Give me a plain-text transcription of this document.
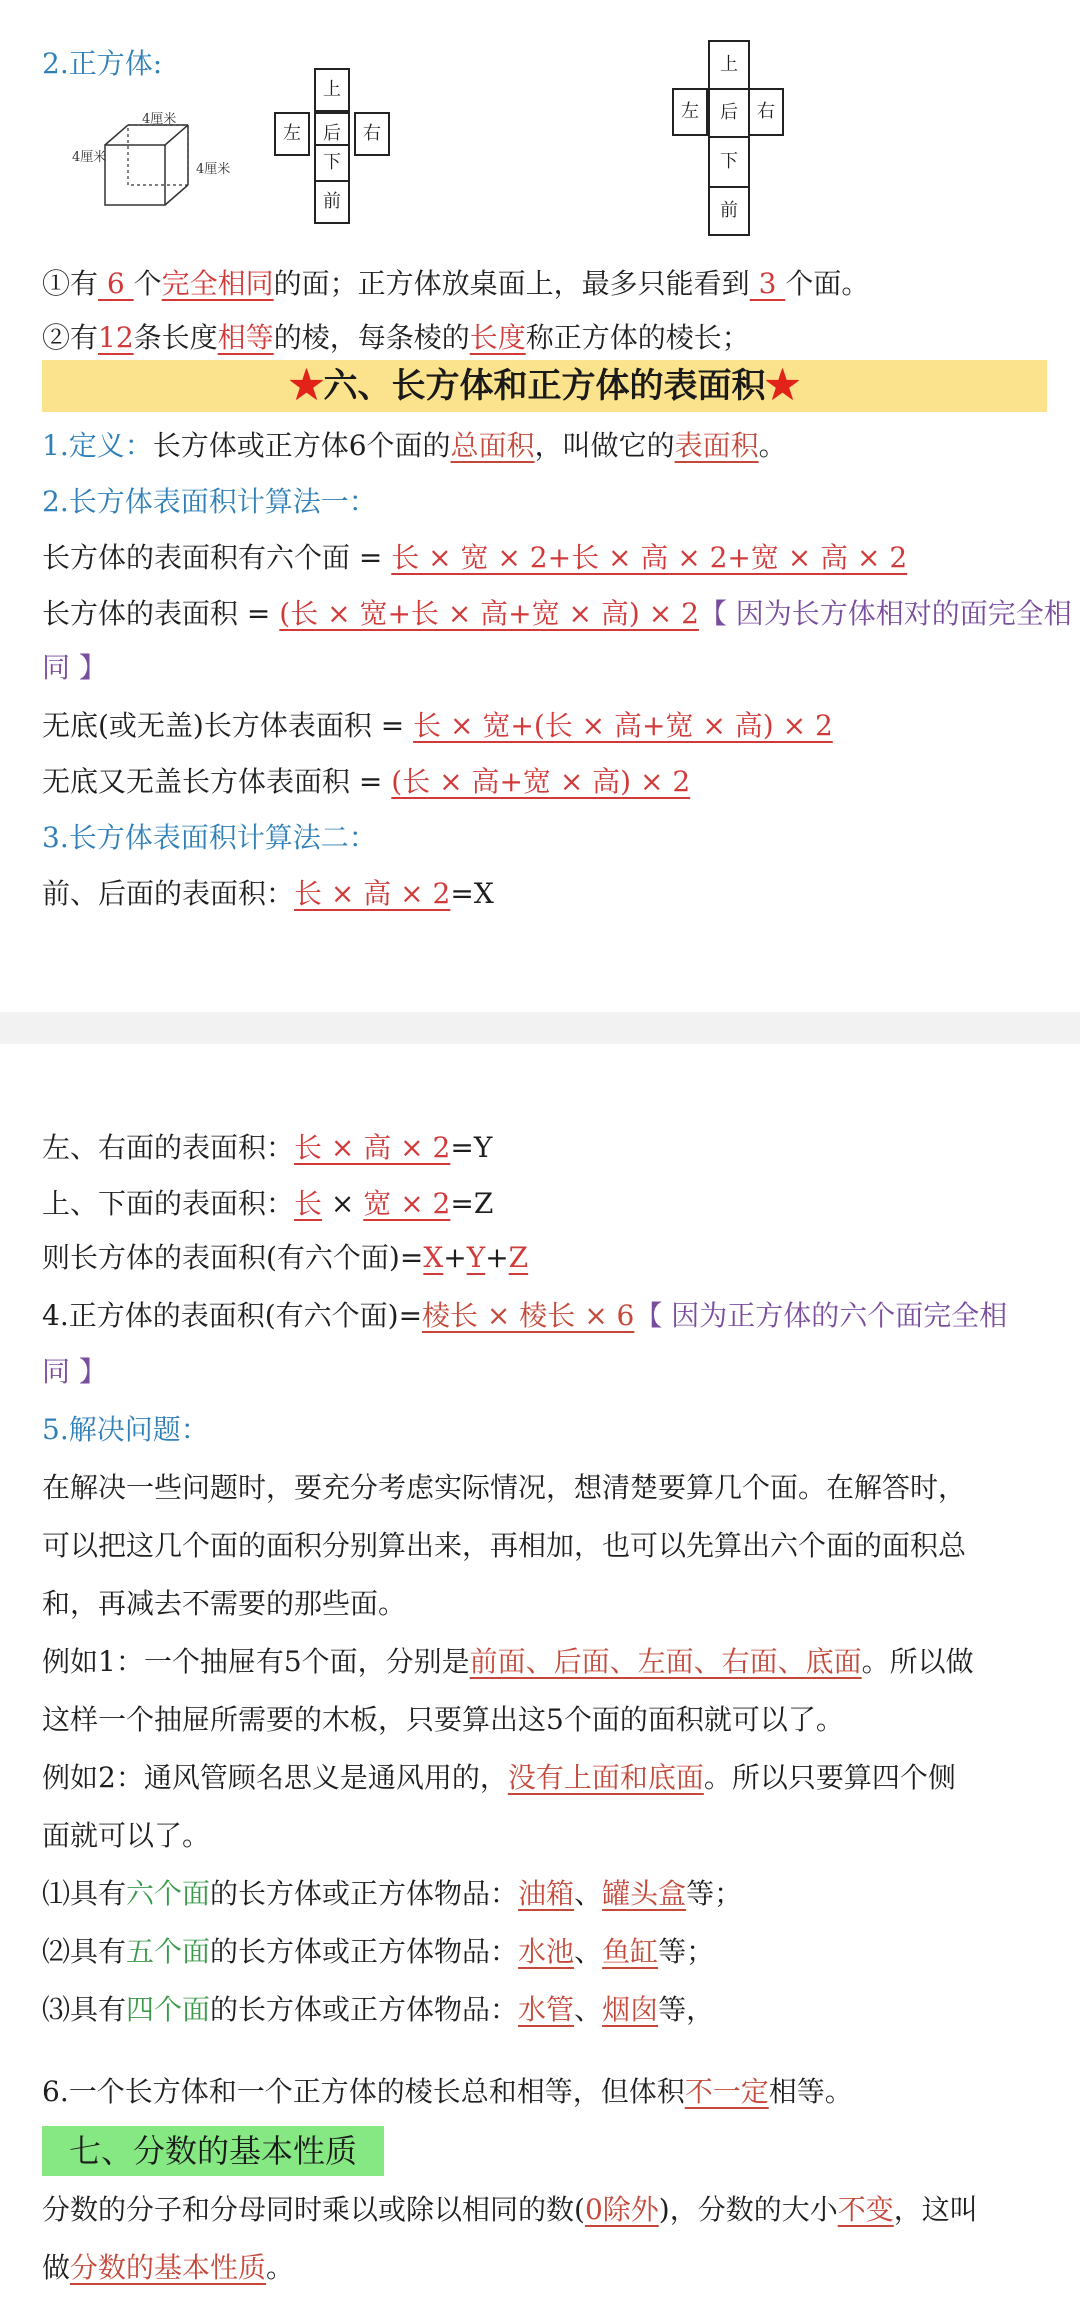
2.正方体:
4厘米
4厘米
4厘米
上
左	后	右
下
前
上
左	后	右
下
前
①有 6 个完全相同的面；正方体放桌面上，最多只能看到 3 个面。
②有12条长度相等的棱，每条棱的长度称正方体的棱长；
★六、长方体和正方体的表面积★
1.定义：长方体或正方体6个面的总面积，叫做它的表面积。
2.长方体表面积计算法一：
长方体的表面积有六个面 = 长 × 宽 × 2+长 × 高 × 2+宽 × 高 × 2
长方体的表面积 = (长 × 宽+长 × 高+宽 × 高) × 2【 因为长方体相对的面完全相
同 】
无底(或无盖)长方体表面积 = 长 × 宽+(长 × 高+宽 × 高) × 2
无底又无盖长方体表面积 = (长 × 高+宽 × 高) × 2
3.长方体表面积计算法二：
前、后面的表面积：长 × 高 × 2=X
左、右面的表面积：长 × 高 × 2=Y
上、下面的表面积：长 × 宽 × 2=Z
则长方体的表面积(有六个面)=X+Y+Z
4.正方体的表面积(有六个面)=棱长 × 棱长 × 6【 因为正方体的六个面完全相
同 】
5.解决问题：
在解决一些问题时，要充分考虑实际情况，想清楚要算几个面。在解答时，
可以把这几个面的面积分别算出来，再相加，也可以先算出六个面的面积总
和，再减去不需要的那些面。
例如1：一个抽屉有5个面，分别是前面、后面、左面、右面、底面。所以做
这样一个抽屉所需要的木板，只要算出这5个面的面积就可以了。
例如2：通风管顾名思义是通风用的，没有上面和底面。所以只要算四个侧
面就可以了。
⑴具有六个面的长方体或正方体物品：油箱、罐头盒等；
⑵具有五个面的长方体或正方体物品：水池、鱼缸等；
⑶具有四个面的长方体或正方体物品：水管、烟囱等，
6.一个长方体和一个正方体的棱长总和相等，但体积不一定相等。
七、分数的基本性质
分数的分子和分母同时乘以或除以相同的数(0除外)，分数的大小不变，这叫
做分数的基本性质。
